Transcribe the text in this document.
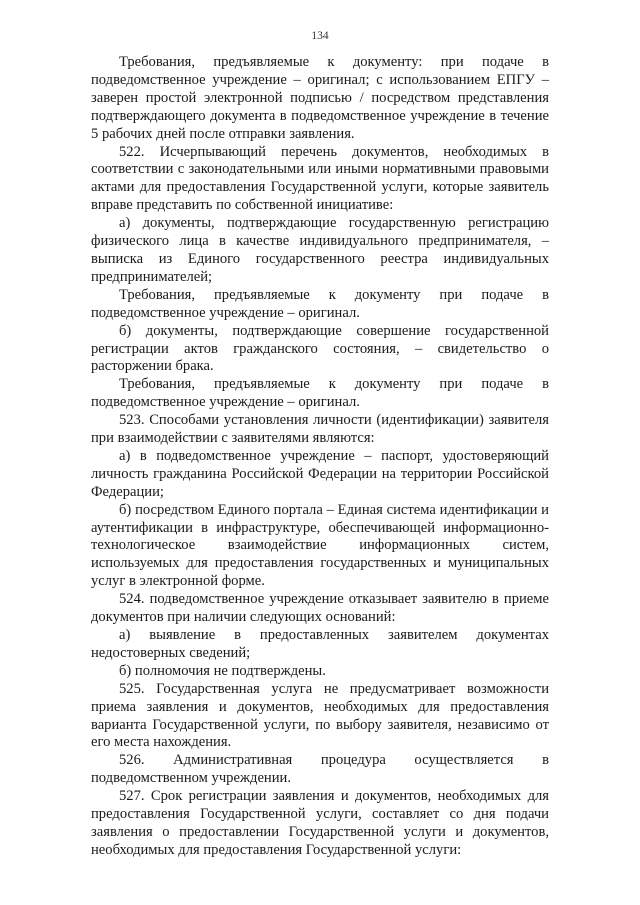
134

Требования, предъявляемые к документу: при подаче в подведомственное учреждение – оригинал; с использованием ЕПГУ – заверен простой электронной подписью / посредством представления подтверждающего документа в подведомственное учреждение в течение 5 рабочих дней после отправки заявления.

522. Исчерпывающий перечень документов, необходимых в соответствии с законодательными или иными нормативными правовыми актами для предоставления Государственной услуги, которые заявитель вправе представить по собственной инициативе:

а) документы, подтверждающие государственную регистрацию физического лица в качестве индивидуального предпринимателя, – выписка из Единого государственного реестра индивидуальных предпринимателей;

Требования, предъявляемые к документу при подаче в подведомственное учреждение – оригинал.

б) документы, подтверждающие совершение государственной регистрации актов гражданского состояния, – свидетельство о расторжении брака.

Требования, предъявляемые к документу при подаче в подведомственное учреждение – оригинал.

523. Способами установления личности (идентификации) заявителя при взаимодействии с заявителями являются:

а) в подведомственное учреждение – паспорт, удостоверяющий личность гражданина Российской Федерации на территории Российской Федерации;

б) посредством Единого портала – Единая система идентификации и аутентификации в инфраструктуре, обеспечивающей информационно-технологическое взаимодействие информационных систем, используемых для предоставления государственных и муниципальных услуг в электронной форме.

524. подведомственное учреждение отказывает заявителю в приеме документов при наличии следующих оснований:

а) выявление в предоставленных заявителем документах недостоверных сведений;

б) полномочия не подтверждены.

525. Государственная услуга не предусматривает возможности приема заявления и документов, необходимых для предоставления варианта Государственной услуги, по выбору заявителя, независимо от его места нахождения.

526. Административная процедура осуществляется в подведомственном учреждении.

527. Срок регистрации заявления и документов, необходимых для предоставления Государственной услуги, составляет со дня подачи заявления о предоставлении Государственной услуги и документов, необходимых для предоставления Государственной услуги:
